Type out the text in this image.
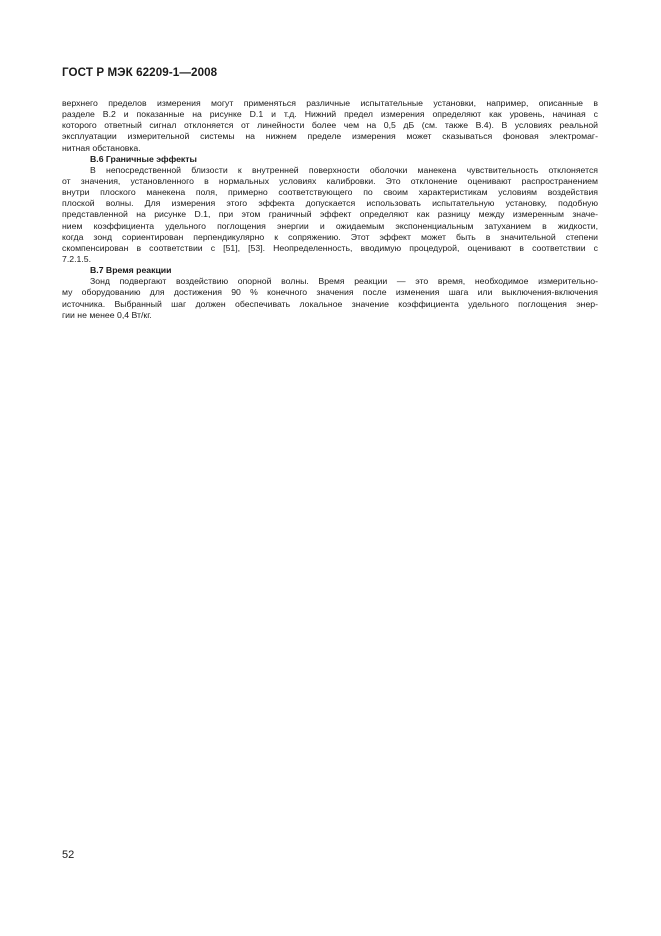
ГОСТ Р МЭК 62209-1—2008
верхнего пределов измерения могут применяться различные испытательные установки, например, описанные в
разделе В.2 и показанные на рисунке D.1 и т.д. Нижний предел измерения определяют как уровень, начиная с
которого ответный сигнал отклоняется от линейности более чем на 0,5 дБ (см. также В.4). В условиях реальной
эксплуатации измерительной системы на нижнем пределе измерения может сказываться фоновая электромаг-
нитная обстановка.
В.6 Граничные эффекты
В непосредственной близости к внутренней поверхности оболочки манекена чувствительность отклоняется
от значения, установленного в нормальных условиях калибровки. Это отклонение оценивают распространением
внутри плоского манекена поля, примерно соответствующего по своим характеристикам условиям воздействия
плоской волны. Для измерения этого эффекта допускается использовать испытательную установку, подобную
представленной на рисунке D.1, при этом граничный эффект определяют как разницу между измеренным значе-
нием коэффициента удельного поглощения энергии и ожидаемым экспоненциальным затуханием в жидкости,
когда зонд сориентирован перпендикулярно к сопряжению. Этот эффект может быть в значительной степени
скомпенсирован в соответствии с [51], [53]. Неопределенность, вводимую процедурой, оценивают в соответствии с
7.2.1.5.
В.7 Время реакции
Зонд подвергают воздействию опорной волны. Время реакции — это время, необходимое измерительно-
му оборудованию для достижения 90 % конечного значения после изменения шага или выключения-включения
источника. Выбранный шаг должен обеспечивать локальное значение коэффициента удельного поглощения энер-
гии не менее 0,4 Вт/кг.
52
